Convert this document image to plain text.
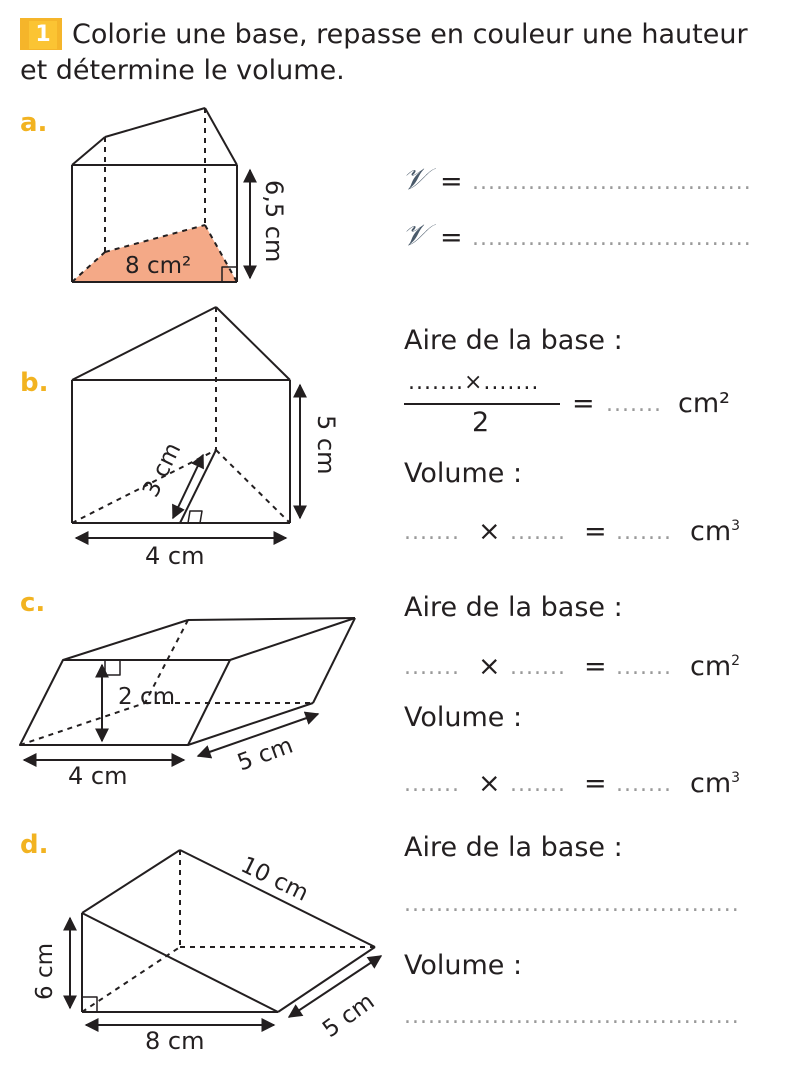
1 Colorie une base, repasse en couleur une hauteur
et détermine le volume.
a.
6,5 cm
8 cm²
𝒱 = ...................................
𝒱 = ...................................
b.
Aire de la base :
.......×.......
2
= ....... cm²
Volume :
....... × ....... = ....... $cm^3$
5 cm
3 cm
4 cm
c.	Aire de la base :
....... × ....... = ....... $cm^2$
Volume :
....... × ....... = ....... $cm^3$
2 cm
4 cm	5 cm
d.	Aire de la base :
..........................................
Volume :
..........................................
10 cm
6 cm
8 cm	5 cm
